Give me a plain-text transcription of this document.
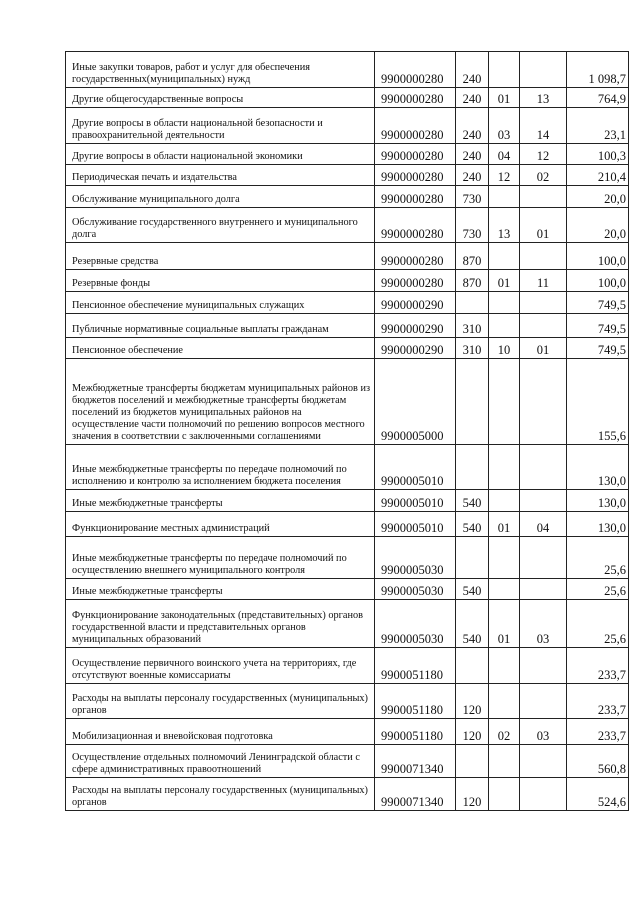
Иные закупки товаров, работ и услуг для обеспечения государственных(муниципальных) нужд	9900000280	240			1 098,7
Другие общегосударственные вопросы	9900000280	240	01	13	764,9
Другие вопросы в области национальной безопасности и правоохранительной деятельности	9900000280	240	03	14	23,1
Другие вопросы в области национальной экономики	9900000280	240	04	12	100,3
Периодическая печать и издательства	9900000280	240	12	02	210,4
Обслуживание муниципального долга	9900000280	730			20,0
Обслуживание государственного внутреннего и муниципального долга	9900000280	730	13	01	20,0
Резервные средства	9900000280	870			100,0
Резервные фонды	9900000280	870	01	11	100,0
Пенсионное обеспечение муниципальных служащих	9900000290				749,5
Публичные нормативные социальные выплаты гражданам	9900000290	310			749,5
Пенсионное обеспечение	9900000290	310	10	01	749,5
Межбюджетные трансферты бюджетам муниципальных районов из бюджетов поселений и межбюджетные трансферты бюджетам поселений из бюджетов муниципальных районов на осуществление части полномочий по решению вопросов местного значения в соответствии с заключенными соглашениями	9900005000				155,6
Иные межбюджетные трансферты по передаче полномочий по исполнению и контролю за исполнением бюджета поселения	9900005010				130,0
Иные межбюджетные трансферты	9900005010	540			130,0
Функционирование местных администраций	9900005010	540	01	04	130,0
Иные межбюджетные трансферты по передаче полномочий по осуществлению внешнего муниципального контроля	9900005030				25,6
Иные межбюджетные трансферты	9900005030	540			25,6
Функционирование законодательных (представительных) органов государственной власти и представительных органов муниципальных образований	9900005030	540	01	03	25,6
Осуществление первичного воинского учета на территориях, где отсутствуют военные комиссариаты	9900051180				233,7
Расходы на выплаты персоналу государственных (муниципальных) органов	9900051180	120			233,7
Мобилизационная и вневойсковая подготовка	9900051180	120	02	03	233,7
Осуществление отдельных полномочий Ленинградской области с сфере административных правоотношений	9900071340				560,8
Расходы на выплаты персоналу государственных (муниципальных) органов	9900071340	120			524,6
